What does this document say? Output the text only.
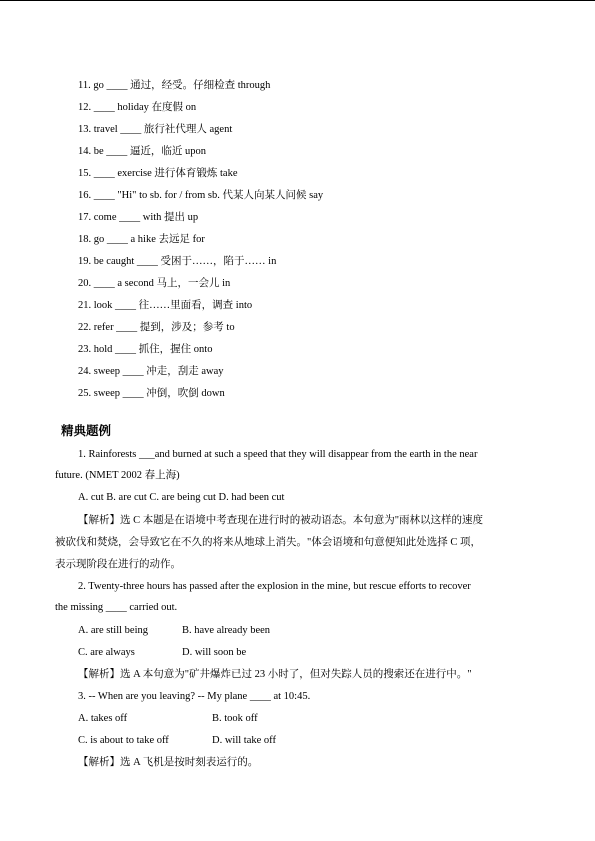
11. go ____ 通过，经受。仔细检查 through
12. ____ holiday 在度假 on
13. travel ____ 旅行社代理人 agent
14. be ____ 逼近，临近 upon
15. ____ exercise 进行体育锻炼 take
16. ____ "Hi" to sb. for / from sb. 代某人向某人问候 say
17. come ____ with 提出 up
18. go ____ a hike 去远足 for
19. be caught ____ 受困于……，陷于…… in
20. ____ a second 马上，一会儿 in
21. look ____ 往……里面看，调查 into
22. refer ____ 提到，涉及；参考 to
23. hold ____ 抓住，握住 onto
24. sweep ____ 冲走，刮走 away
25. sweep ____ 冲倒，吹倒 down
精典题例
1. Rainforests ___and burned at such a speed that they will disappear from the earth in the near
future. (NMET 2002 春上海)
A. cut B. are cut C. are being cut D. had been cut
【解析】选 C 本题是在语境中考查现在进行时的被动语态。本句意为"雨林以这样的速度
被砍伐和焚烧，会导致它在不久的将来从地球上消失。"体会语境和句意便知此处选择 C 项，
表示现阶段在进行的动作。
2. Twenty-three hours has passed after the explosion in the mine, but rescue efforts to recover
the missing ____ carried out.
A. are still being	B. have already been
C. are always	D. will soon be
【解析】选 A 本句意为"矿井爆炸已过 23 小时了，但对失踪人员的搜索还在进行中。"
3. -- When are you leaving? -- My plane ____ at 10:45.
A. takes off	B. took off
C. is about to take off	D. will take off
【解析】选 A 飞机是按时刻表运行的。
